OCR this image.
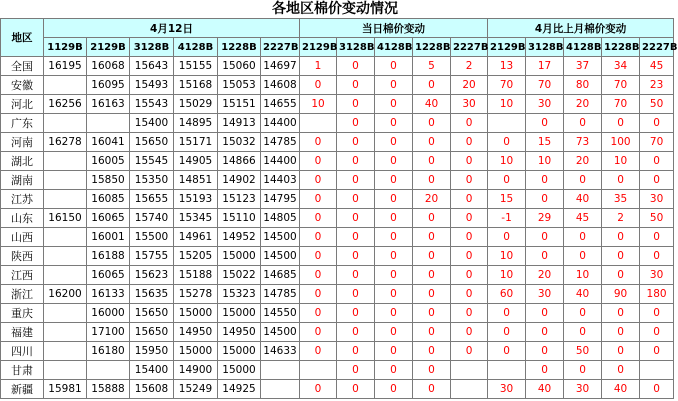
各地区棉价变动情况
地区	4月12日						当日棉价变动					4月比上月棉价变动				
	1129B	2129B	3128B	4128B	1228B	2227B	2129B	3128B	4128B	1228B	2227B	2129B	3128B	4128B	1228B	2227B
全国	16195	16068	15643	15155	15060	14697	1	0	0	5	2	13	17	37	34	45
安徽		16095	15493	15168	15053	14608	0	0	0	0	20	70	70	80	70	23
河北	16256	16163	15543	15029	15151	14655	10	0	0	40	30	10	30	20	70	50
广东			15400	14895	14913	14400		0	0	0	0		0	0	0	0
河南	16278	16041	15650	15171	15032	14785	0	0	0	0	0	0	15	73	100	70
湖北		16005	15545	14905	14866	14400	0	0	0	0	0	10	10	20	10	0
湖南		15850	15350	14851	14902	14403	0	0	0	0	0	0	0	0	0	0
江苏		16085	15655	15193	15123	14795	0	0	0	20	0	15	0	40	35	30
山东	16150	16065	15740	15345	15110	14805	0	0	0	0	0	-1	29	45	2	50
山西		16001	15500	14961	14952	14500	0	0	0	0	0	0	0	0	0	0
陕西		16188	15755	15205	15000	14500	0	0	0	0	0	10	0	0	0	0
江西		16065	15623	15188	15022	14685	0	0	0	0	0	10	20	10	0	30
浙江	16200	16133	15635	15278	15323	14785	0	0	0	0	0	60	30	40	90	180
重庆		16000	15650	15000	15000	14550	0	0	0	0	0	0	0	0	0	0
福建		17100	15650	14950	14950	14500	0	0	0	0	0	0	0	0	0	0
四川		16180	15950	15000	15000	14633	0	0	0	0	0	0	0	50	0	0
甘肃			15400	14900	15000			0	0	0			0	0	0	
新疆	15981	15888	15608	15249	14925		0	0	0	0		30	40	30	40	0
